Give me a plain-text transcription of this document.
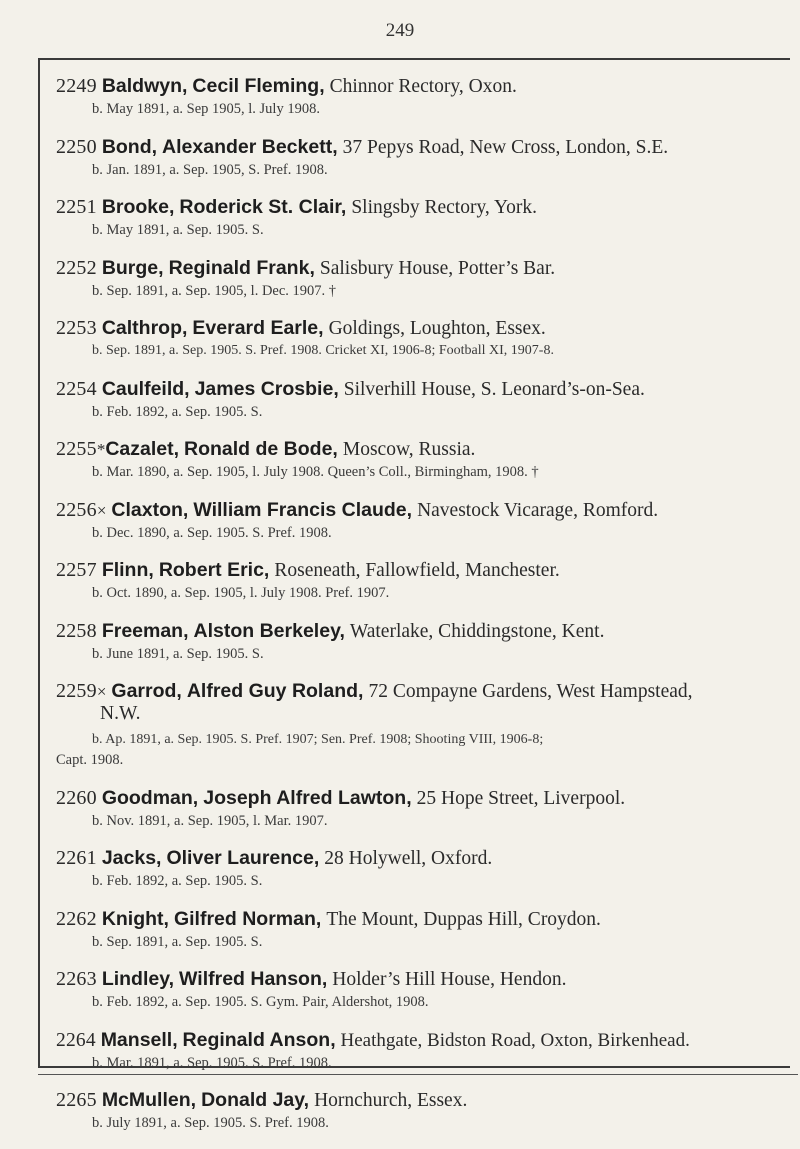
249
2249 Baldwyn, Cecil Fleming, Chinnor Rectory, Oxon.
b. May 1891, a. Sep 1905, l. July 1908.
2250 Bond, Alexander Beckett, 37 Pepys Road, New Cross, London, S.E.
b. Jan. 1891, a. Sep. 1905, S. Pref. 1908.
2251 Brooke, Roderick St. Clair, Slingsby Rectory, York.
b. May 1891, a. Sep. 1905. S.
2252 Burge, Reginald Frank, Salisbury House, Potter’s Bar.
b. Sep. 1891, a. Sep. 1905, l. Dec. 1907. †
2253 Calthrop, Everard Earle, Goldings, Loughton, Essex.
b. Sep. 1891, a. Sep. 1905. S. Pref. 1908. Cricket XI, 1906-8; Football XI, 1907-8.
2254 Caulfeild, James Crosbie, Silverhill House, S. Leonard’s-on-Sea.
b. Feb. 1892, a. Sep. 1905. S.
2255*Cazalet, Ronald de Bode, Moscow, Russia.
b. Mar. 1890, a. Sep. 1905, l. July 1908. Queen’s Coll., Birmingham, 1908. †
2256× Claxton, William Francis Claude, Navestock Vicarage, Romford.
b. Dec. 1890, a. Sep. 1905. S. Pref. 1908.
2257 Flinn, Robert Eric, Roseneath, Fallowfield, Manchester.
b. Oct. 1890, a. Sep. 1905, l. July 1908. Pref. 1907.
2258 Freeman, Alston Berkeley, Waterlake, Chiddingstone, Kent.
b. June 1891, a. Sep. 1905. S.
2259× Garrod, Alfred Guy Roland, 72 Compayne Gardens, West Hampstead,
N.W.
b. Ap. 1891, a. Sep. 1905. S. Pref. 1907; Sen. Pref. 1908; Shooting VIII, 1906-8;
Capt. 1908.
2260 Goodman, Joseph Alfred Lawton, 25 Hope Street, Liverpool.
b. Nov. 1891, a. Sep. 1905, l. Mar. 1907.
2261 Jacks, Oliver Laurence, 28 Holywell, Oxford.
b. Feb. 1892, a. Sep. 1905. S.
2262 Knight, Gilfred Norman, The Mount, Duppas Hill, Croydon.
b. Sep. 1891, a. Sep. 1905. S.
2263 Lindley, Wilfred Hanson, Holder’s Hill House, Hendon.
b. Feb. 1892, a. Sep. 1905. S. Gym. Pair, Aldershot, 1908.
2264 Mansell, Reginald Anson, Heathgate, Bidston Road, Oxton, Birkenhead.
b. Mar. 1891, a. Sep. 1905. S. Pref. 1908.
2265 McMullen, Donald Jay, Hornchurch, Essex.
b. July 1891, a. Sep. 1905. S. Pref. 1908.
